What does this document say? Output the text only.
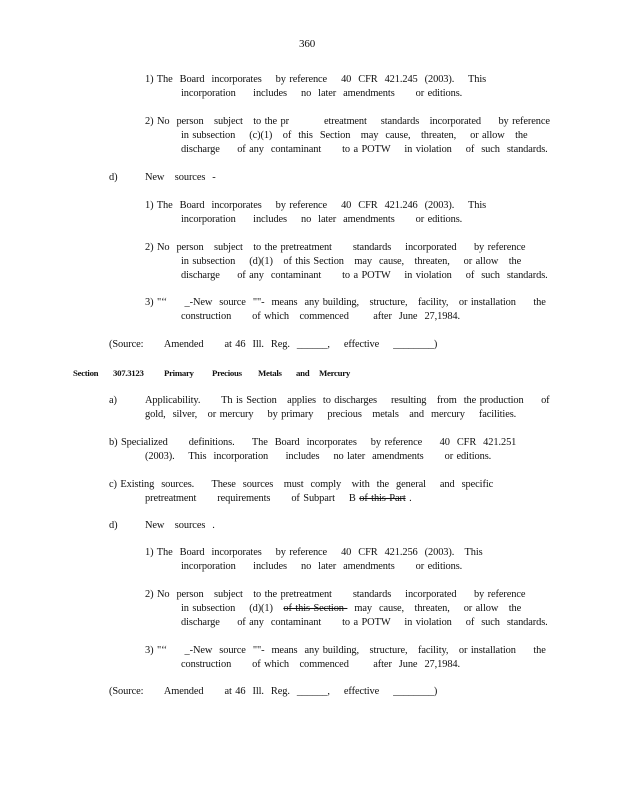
360
1) The  Board  incorporates    by reference    40  CFR  421.245  (2003).    This
incorporation     includes    no  later  amendments      or editions.
2) No  person   subject   to the pr          etreatment    standards   incorporated     by reference
in subsection    (c)(1)   of  this  Section   may  cause,   threaten,    or allow   the
discharge     of any  contaminant      to a POTW    in violation    of  such  standards.
d)	New   sources  -
1) The  Board  incorporates    by reference    40  CFR  421.246  (2003).    This
incorporation     includes    no  later  amendments      or editions.
2) No  person   subject   to the pretreatment      standards    incorporated     by reference
in subsection    (d)(1)   of this Section   may  cause,   threaten,    or allow   the
discharge     of any  contaminant      to a POTW    in violation    of  such  standards.
3) "‘‘     _-New  source  ""-  means  any building,   structure,   facility,   or installation     the
construction      of which   commenced       after  June  27,1984.
(Source:      Amended      at 46  Ill.  Reg.  ______,    effective    ________)
Section 307.3123 Primary Precious Metals and Mercury
a)	Applicability.      Th is Section   applies  to discharges    resulting   from  the production     of
gold,  silver,   or mercury    by primary    precious   metals   and  mercury    facilities.
b) Specialized      definitions.     The  Board  incorporates    by reference     40  CFR  421.251
(2003).    This  incorporation     includes    no later  amendments      or editions.
c) Existing  sources.     These  sources   must  comply   with  the  general    and  specific
pretreatment      requirements      of Subpart    B of this Part .
d)	New   sources  .
1) The  Board  incorporates    by reference    40  CFR  421.256  (2003).   This
incorporation     includes    no  later  amendments      or editions.
2) No  person   subject   to the pretreatment      standards    incorporated     by reference
in subsection    (d)(1)   of this Section   may  cause,   threaten,    or allow   the
discharge     of any  contaminant      to a POTW    in violation    of  such  standards.
3) "‘‘     _-New  source  ""-  means  any building,   structure,   facility,   or installation     the
construction      of which   commenced       after  June  27,1984.
(Source:      Amended      at 46  Ill.  Reg.  ______,    effective    ________)
